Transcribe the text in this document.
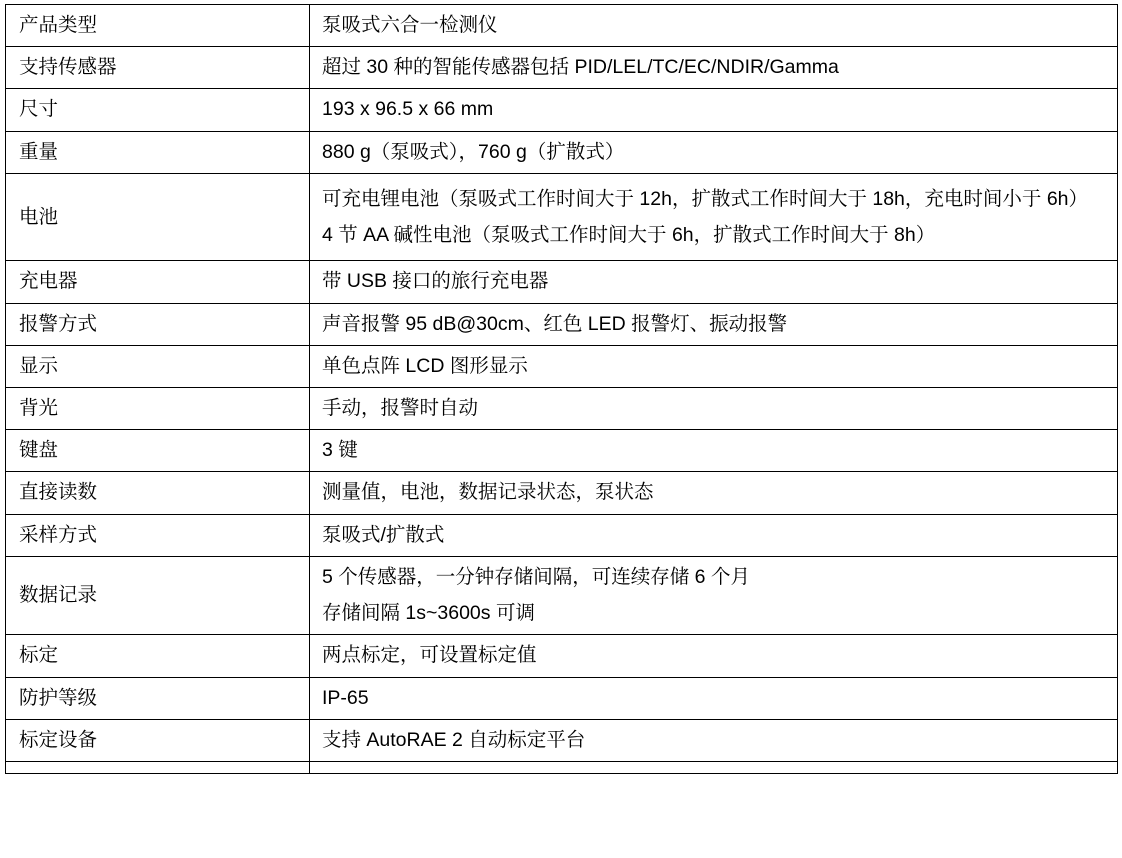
产品类型	泵吸式六合一检测仪

支持传感器	超过 30 种的智能传感器包括 PID/LEL/TC/EC/NDIR/Gamma

尺寸	193 x 96.5 x 66 mm

重量	880 g（泵吸式），760 g（扩散式）

电池	可充电锂电池（泵吸式工作时间大于 12h，扩散式工作时间大于 18h，充电时间小于 6h）

4 节 AA 碱性电池（泵吸式工作时间大于 6h，扩散式工作时间大于 8h）

充电器	带 USB 接口的旅行充电器

报警方式	声音报警 95 dB@30cm、红色 LED 报警灯、振动报警

显示	单色点阵 LCD 图形显示

背光	手动，报警时自动

键盘	3 键

直接读数	测量值，电池，数据记录状态，泵状态

采样方式	泵吸式/扩散式

数据记录	5 个传感器，一分钟存储间隔，可连续存储 6 个月

存储间隔 1s~3600s 可调

标定	两点标定，可设置标定值

防护等级	IP-65

标定设备	支持 AutoRAE 2 自动标定平台
